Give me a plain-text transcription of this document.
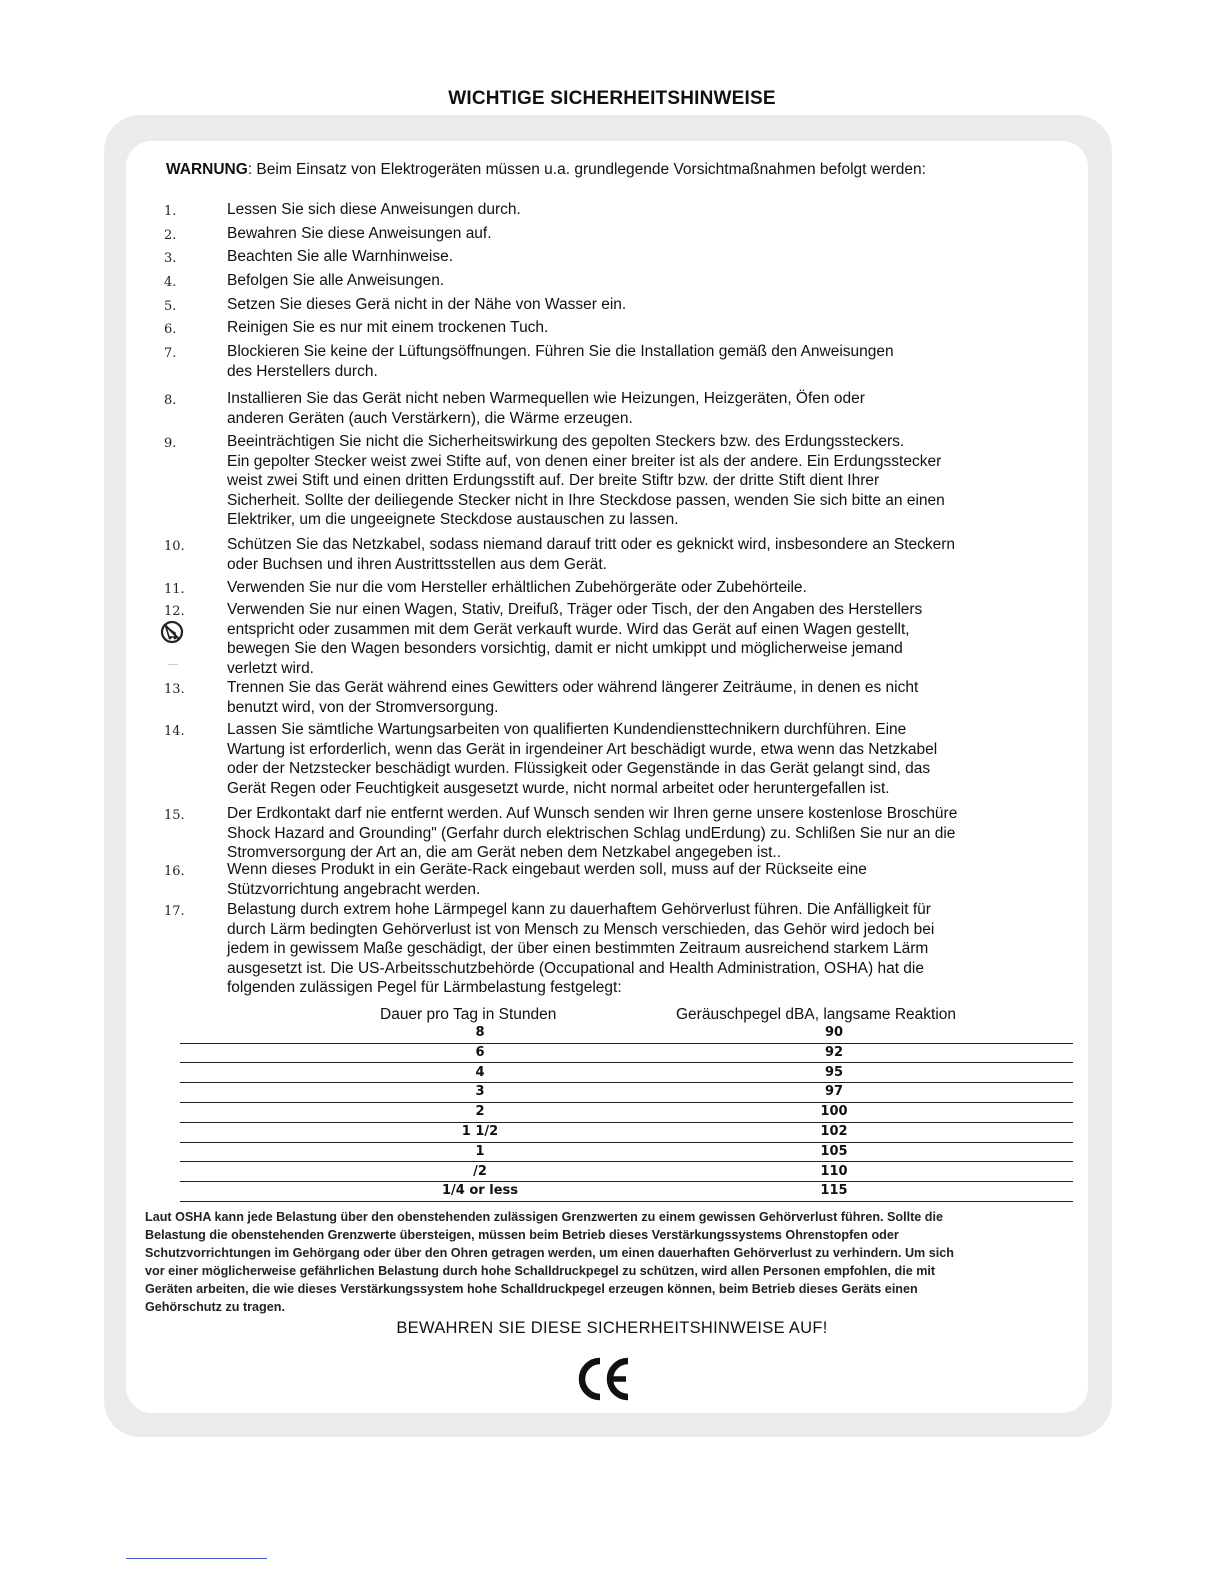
WICHTIGE SICHERHEITSHINWEISE
WARNUNG: Beim Einsatz von Elektrogeräten müssen u.a. grundlegende Vorsichtmaßnahmen befolgt werden:
1.	Lessen Sie sich diese Anweisungen durch.
2.	Bewahren Sie diese Anweisungen auf.
3.	Beachten Sie alle Warnhinweise.
4.	Befolgen Sie alle Anweisungen.
5.	Setzen Sie dieses Gerä nicht in der Nähe von Wasser ein.
6.	Reinigen Sie es nur mit einem trockenen Tuch.
7.	Blockieren Sie keine der Lüftungsöffnungen. Führen Sie die Installation gemäß den Anweisungen
des Herstellers durch.
8.	Installieren Sie das Gerät nicht neben Warmequellen wie Heizungen, Heizgeräten, Öfen oder
anderen Geräten (auch Verstärkern), die Wärme erzeugen.
9.	Beeinträchtigen Sie nicht die Sicherheitswirkung des gepolten Steckers bzw. des Erdungssteckers.
Ein gepolter Stecker weist zwei Stifte auf, von denen einer breiter ist als der andere. Ein Erdungsstecker
weist zwei Stift und einen dritten Erdungsstift auf. Der breite Stiftr bzw. der dritte Stift dient Ihrer
Sicherheit. Sollte der deiliegende Stecker nicht in Ihre Steckdose passen, wenden Sie sich bitte an einen
Elektriker, um die ungeeignete Steckdose austauschen zu lassen.
10.	Schützen Sie das Netzkabel, sodass niemand darauf tritt oder es geknickt wird, insbesondere an Steckern
oder Buchsen und ihren Austrittsstellen aus dem Gerät.
11.	Verwenden Sie nur die vom Hersteller erhältlichen Zubehörgeräte oder Zubehörteile.
12.	Verwenden Sie nur einen Wagen, Stativ, Dreifuß, Träger oder Tisch, der den Angaben des Herstellers
entspricht oder zusammen mit dem Gerät verkauft wurde. Wird das Gerät auf einen Wagen gestellt,
bewegen Sie den Wagen besonders vorsichtig, damit er nicht umkippt und möglicherweise jemand
verletzt wird.
13.	Trennen Sie das Gerät während eines Gewitters oder während längerer Zeiträume, in denen es nicht
benutzt wird, von der Stromversorgung.
14.	Lassen Sie sämtliche Wartungsarbeiten von qualifierten Kundendiensttechnikern durchführen. Eine
Wartung ist erforderlich, wenn das Gerät in irgendeiner Art beschädigt wurde, etwa wenn das Netzkabel
oder der Netzstecker beschädigt wurden. Flüssigkeit oder Gegenstände in das Gerät gelangt sind, das
Gerät Regen oder Feuchtigkeit ausgesetzt wurde, nicht normal arbeitet oder heruntergefallen ist.
15.	Der Erdkontakt darf nie entfernt werden. Auf Wunsch senden wir Ihren gerne unsere kostenlose Broschüre
Shock Hazard and Grounding" (Gerfahr durch elektrischen Schlag undErdung) zu. Schlißen Sie nur an die
Stromversorgung der Art an, die am Gerät neben dem Netzkabel angegeben ist..
16.	Wenn dieses Produkt in ein Geräte-Rack eingebaut werden soll, muss auf der Rückseite eine
Stützvorrichtung angebracht werden.
17.	Belastung durch extrem hohe Lärmpegel kann zu dauerhaftem Gehörverlust führen. Die Anfälligkeit für
durch Lärm bedingten Gehörverlust ist von Mensch zu Mensch verschieden, das Gehör wird jedoch bei
jedem in gewissem Maße geschädigt, der über einen bestimmten Zeitraum ausreichend starkem Lärm
ausgesetzt ist. Die US-Arbeitsschutzbehörde (Occupational and Health Administration, OSHA) hat die
folgenden zulässigen Pegel für Lärmbelastung festgelegt:
Dauer pro Tag in Stunden	Geräuschpegel dBA, langsame Reaktion
8	90
6	92
4	95
3	97
2	100
1 1/2	102
1	105
/2	110
1/4 or less	115
Laut OSHA kann jede Belastung über den obenstehenden zulässigen Grenzwerten zu einem gewissen Gehörverlust führen. Sollte die
Belastung die obenstehenden Grenzwerte übersteigen, müssen beim Betrieb dieses Verstärkungssystems Ohrenstopfen oder
Schutzvorrichtungen im Gehörgang oder über den Ohren getragen werden, um einen dauerhaften Gehörverlust zu verhindern. Um sich
vor einer möglicherweise gefährlichen Belastung durch hohe Schalldruckpegel zu schützen, wird allen Personen empfohlen, die mit
Geräten arbeiten, die wie dieses Verstärkungssystem hohe Schalldruckpegel erzeugen können, beim Betrieb dieses Geräts einen
Gehörschutz zu tragen.
BEWAHREN SIE DIESE SICHERHEITSHINWEISE AUF!
